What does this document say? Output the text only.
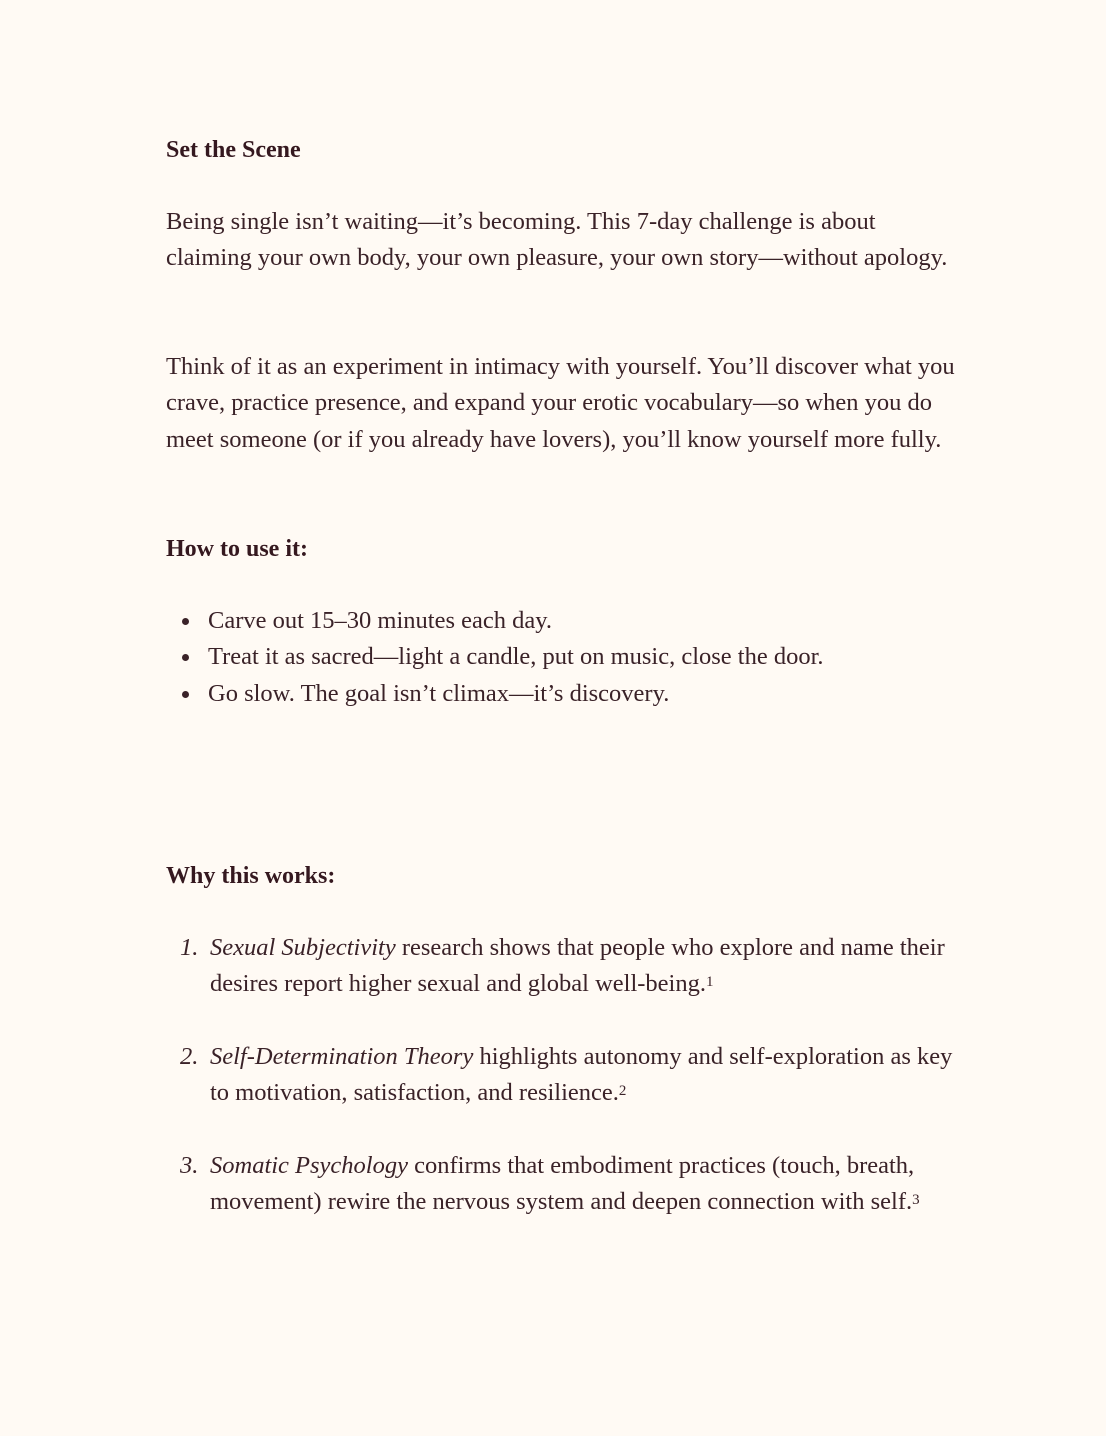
Set the Scene

Being single isn’t waiting—it’s becoming. This 7-day challenge is about claiming your own body, your own pleasure, your own story—without apology.

Think of it as an experiment in intimacy with yourself. You’ll discover what you crave, practice presence, and expand your erotic vocabulary—so when you do meet someone (or if you already have lovers), you’ll know yourself more fully.

How to use it:
Carve out 15–30 minutes each day.
Treat it as sacred—light a candle, put on music, close the door.
Go slow. The goal isn’t climax—it’s discovery.
Why this works:
1. Sexual Subjectivity research shows that people who explore and name their desires report higher sexual and global well-being.$^1$
2. Self-Determination Theory highlights autonomy and self-exploration as key to motivation, satisfaction, and resilience.$^2$
3. Somatic Psychology confirms that embodiment practices (touch, breath, movement) rewire the nervous system and deepen connection with self.$^3$
